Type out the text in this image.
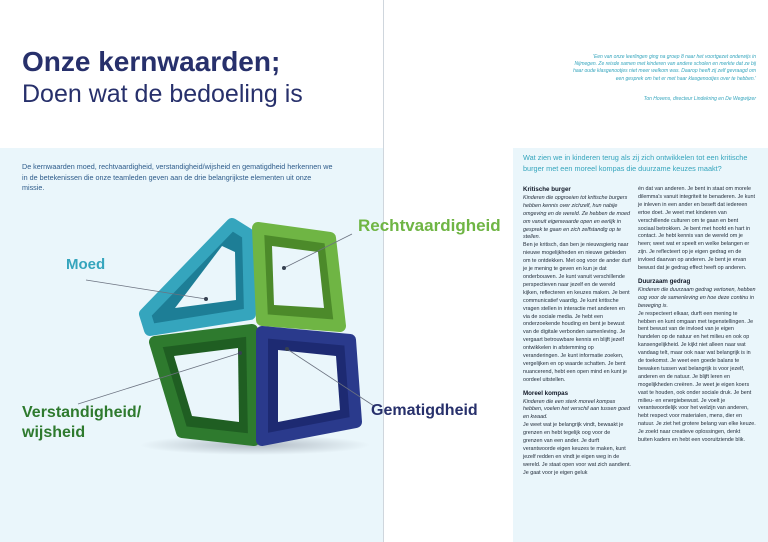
Onze kernwaarden;
Doen wat de bedoeling is
'Een van onze leerlingen ging na groep 8 naar het voortgezet onderwijs in Nijmegen. Ze reisde samen met kinderen van andere scholen en merkte dat ze bij haar oude klasgenootjes niet meer welkom was. Daarop heeft zij zelf gevraagd om een gesprek om het er met haar klasgenootjes over te hebben.'
Ton Hovens, directeur Lindekring en De Wegwijzer
De kernwaarden moed, rechtvaardigheid, verstandigheid/wijsheid en gematigdheid herkennen we in de betekenissen die onze teamleden geven aan de drie belangrijkste elementen uit onze missie.
Wat zien we in kinderen terug als zij zich ontwikkelen tot een kritische burger met een moreel kompas die duurzame keuzes maakt?
Moed
Rechtvaardigheid
Verstandigheid/
wijsheid
Gematigdheid
Kritische burger

Kinderen die opgroeien tot kritische burgers hebben kennis over zichzelf, hun nabije omgeving en de wereld. Ze hebben de moed om vanuit eigenwaarde open en eerlijk in gesprek te gaan en zich zelfstandig op te stellen.

Ben je kritisch, dan ben je nieuwsgierig naar nieuwe mogelijkheden en nieuwe gebieden om te ontdekken. Met oog voor de ander durf je je mening te geven en kun je dat onderbouwen. Je kunt vanuit verschillende perspectieven naar jezelf en de wereld kijken, reflecteren en keuzes maken. Je bent communicatief vaardig. Je kunt kritische vragen stellen in interactie met anderen en via de sociale media. Je hebt een onderzoekende houding en bent je bewust van de digitale verbonden samenleving. Je vergaart betrouwbare kennis en blijft jezelf ontwikkelen in afstemming op veranderingen. Je kunt informatie zoeken, vergelijken en op waarde schatten. Je bent nuancerend, hebt een open mind en kunt je oordeel uitstellen.

Moreel kompas

Kinderen die een sterk moreel kompas hebben, voelen het verschil aan tussen goed en kwaad.

Je weet wat je belangrijk vindt, bewaakt je grenzen en hebt tegelijk oog voor de grenzen van een ander. Je durft verantwoorde eigen keuzes te maken, kunt jezelf redden en vindt je eigen weg in de wereld. Je staat open voor wat zich aandient. Je gaat voor je eigen geluk

én dat van anderen. Je bent in staat om morele dilemma's vanuit integriteit te benaderen. Je kunt je inleven in een ander en beseft dat iedereen ertoe doet. Je weet met kinderen van verschillende culturen om te gaan en bent sociaal betrokken. Je bent met hoofd en hart in contact. Je hebt kennis van de wereld om je heen; weet wat er speelt en welke belangen er zijn. Je reflecteert op je eigen gedrag en de invloed daarvan op anderen. Je bent je ervan bewust dat je gedrag effect heeft op anderen.

Duurzaam gedrag

Kinderen die duurzaam gedrag vertonen, hebben oog voor de samenleving en hoe deze continu in beweging is.

Je respecteert elkaar, durft een mening te hebben en kunt omgaan met tegenstellingen. Je bent bewust van de invloed van je eigen handelen op de natuur en het milieu en ook op kansengelijkheid. Je kijkt niet alleen naar wat vandaag telt, maar ook naar wat belangrijk is in de toekomst. Je weet een goede balans te bewaken tussen wat belangrijk is voor jezelf, anderen en de natuur. Je blijft leren en mogelijkheden creëren. Je weet je eigen koers vast te houden, ook onder sociale druk. Je bent milieu- en energiebewust. Je voelt je verantwoordelijk voor het welzijn van anderen, hebt respect voor materialen, mens, dier en natuur. Je ziet het grotere belang van elke keuze. Je zoekt naar creatieve oplossingen, denkt buiten kaders en hebt een vooruitziende blik.
